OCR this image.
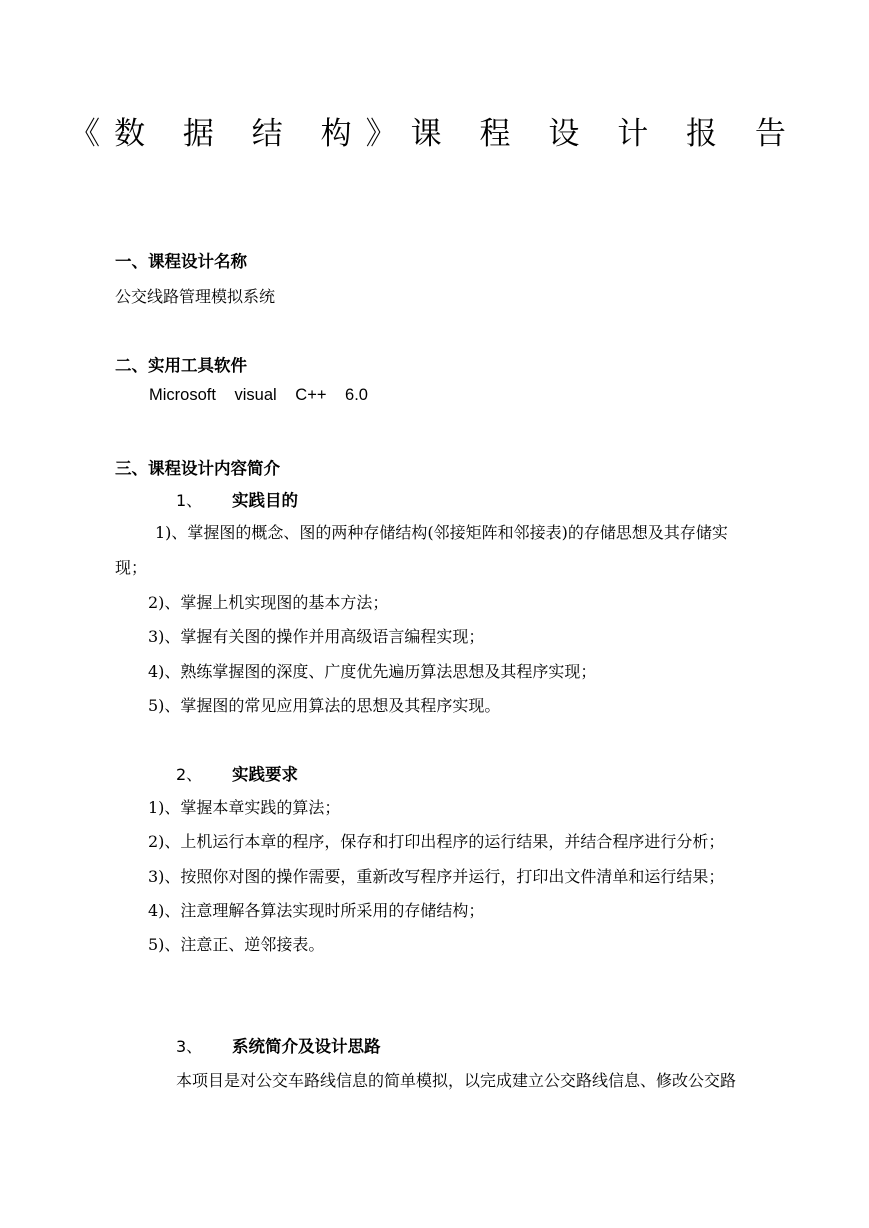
《数 据 结 构》课 程 设 计 报 告
一、课程设计名称
公交线路管理模拟系统
二、实用工具软件
Microsoft visual C++ 6.0
三、课程设计内容简介
1、 实践目的
1)、掌握图的概念、图的两种存储结构(邻接矩阵和邻接表)的存储思想及其存储实
现；
2)、掌握上机实现图的基本方法；
3)、掌握有关图的操作并用高级语言编程实现；
4)、熟练掌握图的深度、广度优先遍历算法思想及其程序实现；
5)、掌握图的常见应用算法的思想及其程序实现。
2、 实践要求
1)、掌握本章实践的算法；
2)、上机运行本章的程序，保存和打印出程序的运行结果，并结合程序进行分析；
3)、按照你对图的操作需要，重新改写程序并运行，打印出文件清单和运行结果；
4)、注意理解各算法实现时所采用的存储结构；
5)、注意正、逆邻接表。
3、 系统简介及设计思路
本项目是对公交车路线信息的简单模拟，以完成建立公交路线信息、修改公交路
